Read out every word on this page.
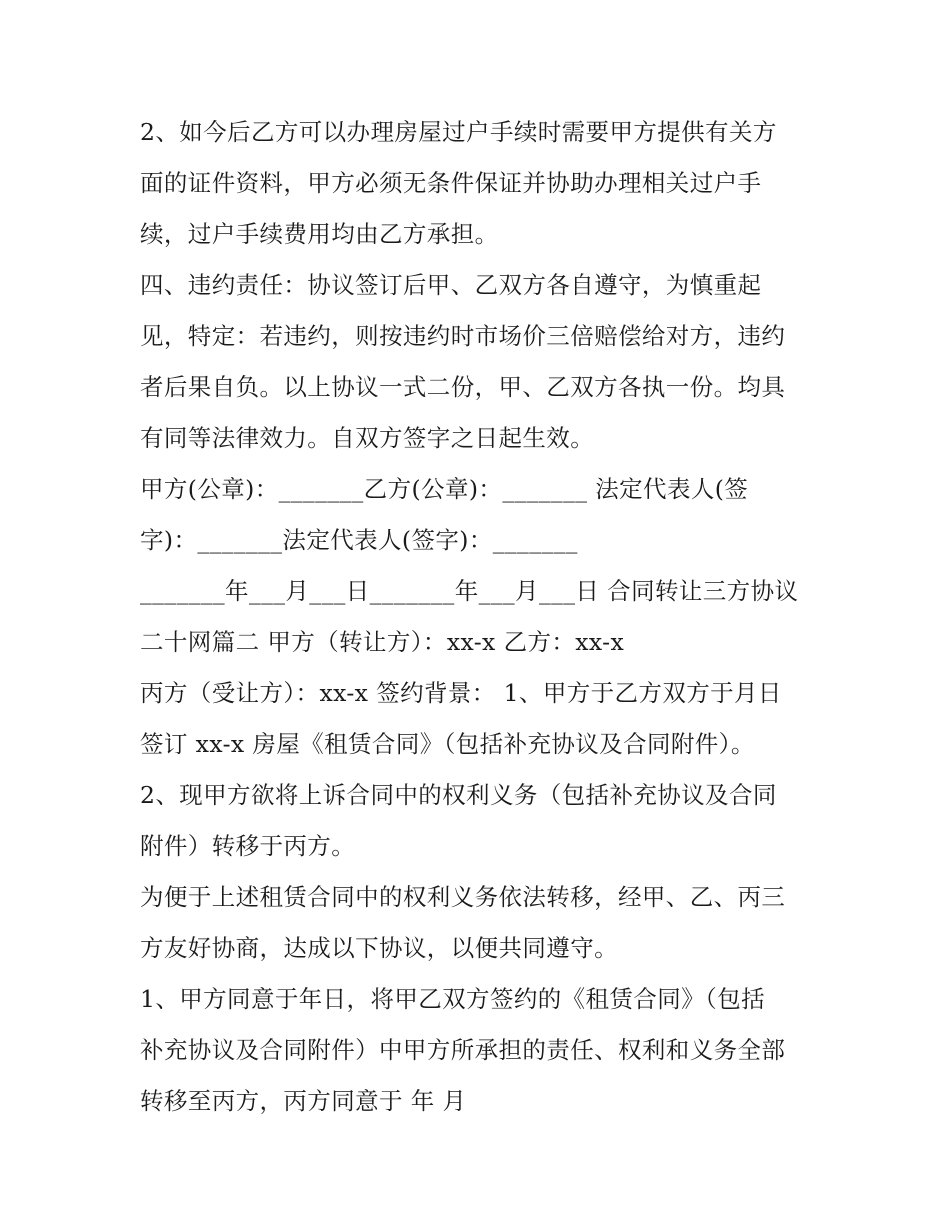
2、如今后乙方可以办理房屋过户手续时需要甲方提供有关方
面的证件资料，甲方必须无条件保证并协助办理相关过户手
续，过户手续费用均由乙方承担。
四、违约责任：协议签订后甲、乙双方各自遵守，为慎重起
见，特定：若违约，则按违约时市场价三倍赔偿给对方，违约
者后果自负。以上协议一式二份，甲、乙双方各执一份。均具
有同等法律效力。自双方签字之日起生效。
甲方(公章)：_______乙方(公章)：_______ 法定代表人(签
字)：_______法定代表人(签字)：_______
_______年___月___日_______年___月___日 合同转让三方协议
二十网篇二 甲方（转让方）：xx-x 乙方：xx-x
丙方（受让方）：xx-x 签约背景： 1、甲方于乙方双方于月日
签订 xx-x 房屋《租赁合同》（包括补充协议及合同附件）。
2、现甲方欲将上诉合同中的权利义务（包括补充协议及合同
附件）转移于丙方。
为便于上述租赁合同中的权利义务依法转移，经甲、乙、丙三
方友好协商，达成以下协议，以便共同遵守。
1、甲方同意于年日，将甲乙双方签约的《租赁合同》（包括
补充协议及合同附件）中甲方所承担的责任、权利和义务全部
转移至丙方，丙方同意于 年 月
